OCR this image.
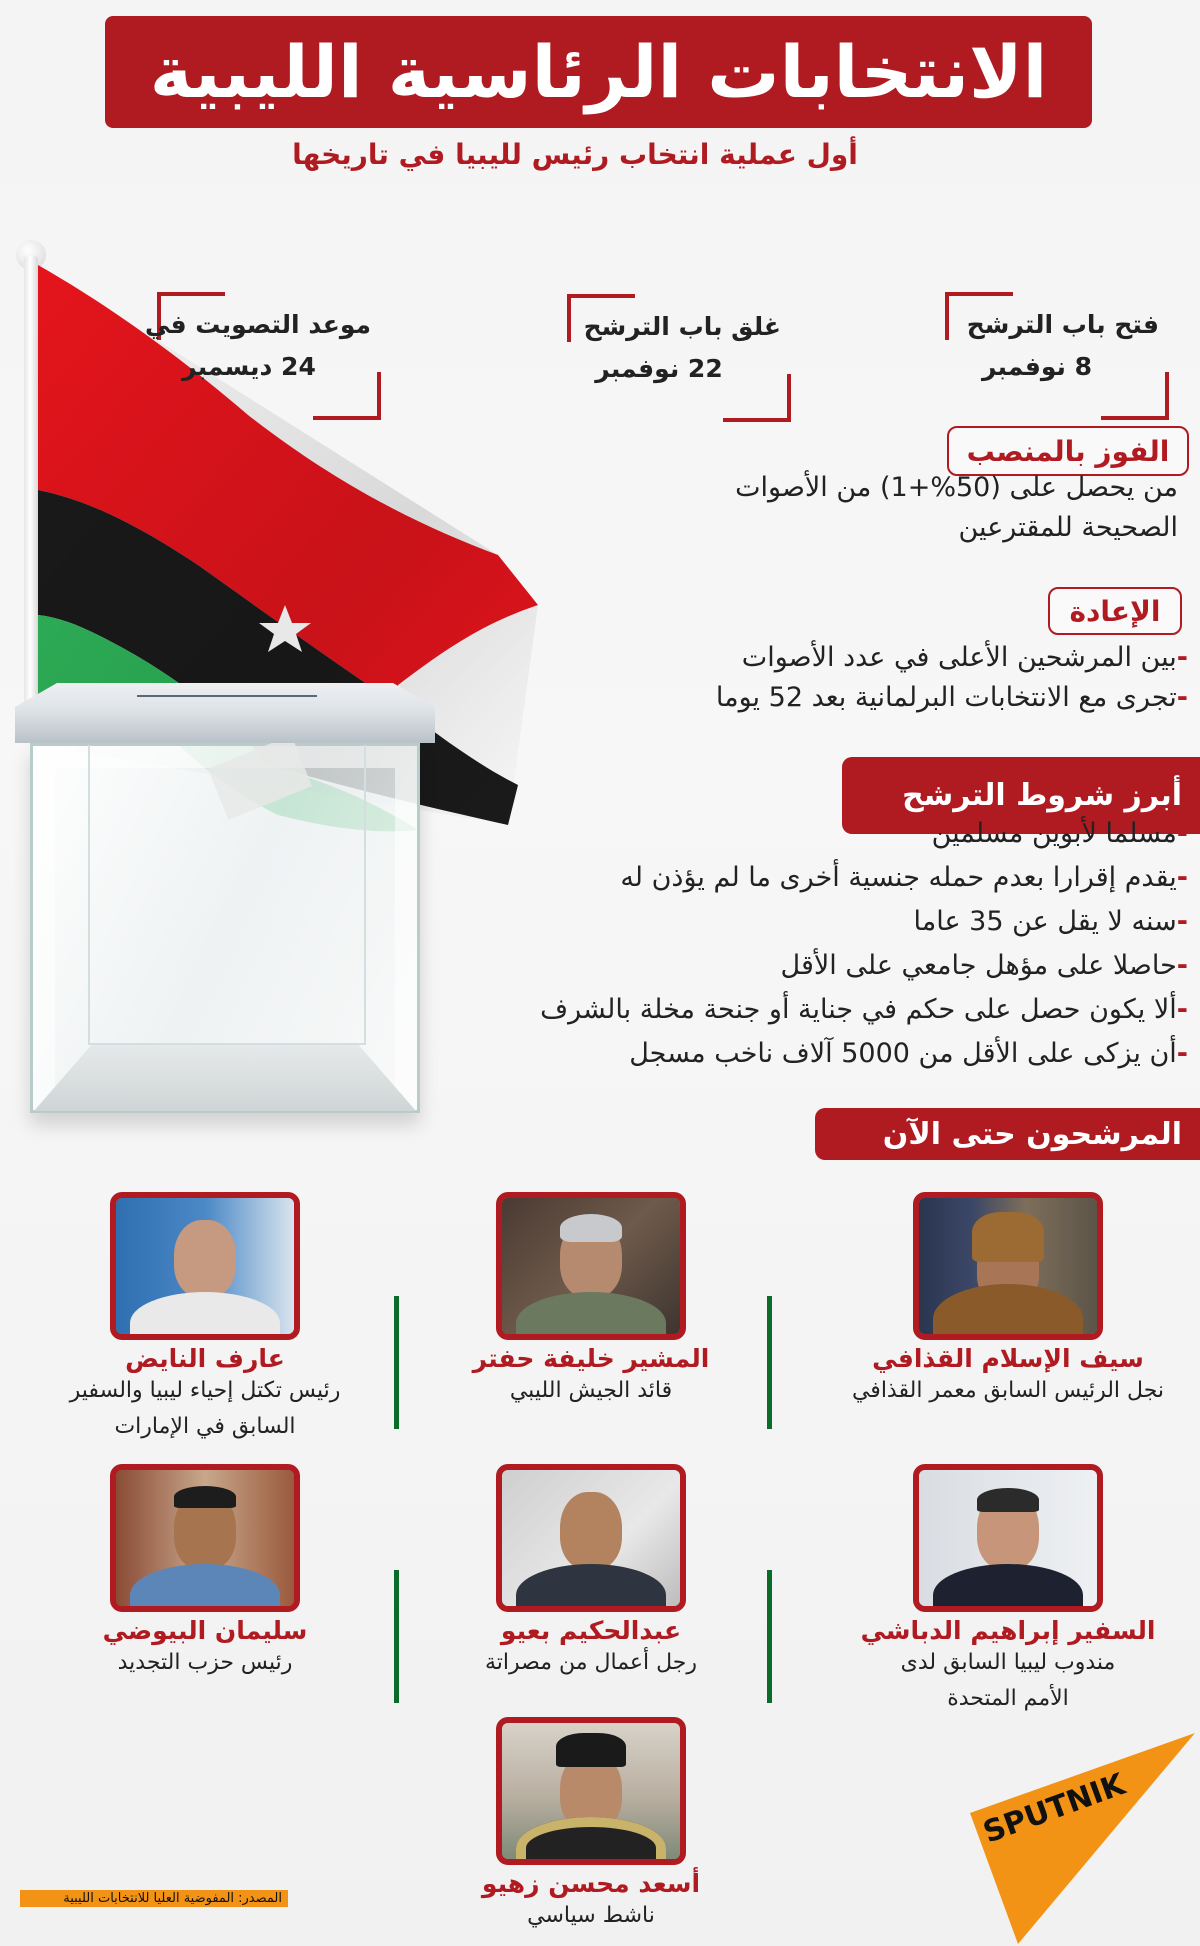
الانتخابات الرئاسية الليبية
أول عملية انتخاب رئيس لليبيا في تاريخها
فتح باب الترشح
8 نوفمبر
غلق باب الترشح
22 نوفمبر
موعد التصويت في
24 ديسمبر
الفوز بالمنصب
من يحصل على (50%+1) من الأصوات
الصحيحة للمقترعين
الإعادة
-بين المرشحين الأعلى في عدد الأصوات
-تجرى مع الانتخابات البرلمانية بعد 52 يوما
أبرز شروط الترشح
-مسلما لأبوين مسلمين
-يقدم إقرارا بعدم حمله جنسية أخرى ما لم يؤذن له
-سنه لا يقل عن 35 عاما
-حاصلا على مؤهل جامعي على الأقل
-ألا يكون حصل على حكم في جناية أو جنحة مخلة بالشرف
-أن يزكى على الأقل من 5000 آلاف ناخب مسجل
المرشحون حتى الآن
سيف الإسلام القذافي
نجل الرئيس السابق معمر القذافي
المشير خليفة حفتر
قائد الجيش الليبي
عارف النايض
رئيس تكتل إحياء ليبيا والسفير
السابق في الإمارات
السفير إبراهيم الدباشي
مندوب ليبيا السابق لدى
الأمم المتحدة
عبدالحكيم بعيو
رجل أعمال من مصراتة
سليمان البيوضي
رئيس حزب التجديد
أسعد محسن زهيو
ناشط سياسي
المصدر: المفوضية العليا للانتخابات الليبية
SPUTNIK
